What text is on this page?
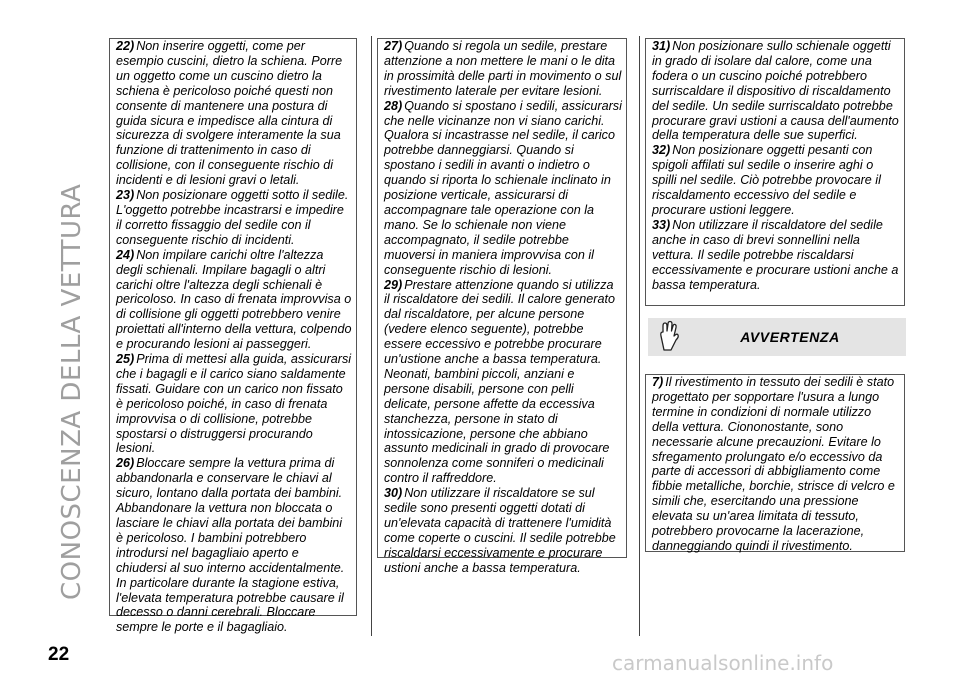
CONOSCENZA DELLA VETTURA

22) Non inserire oggetti, come per esempio cuscini, dietro la schiena. Porre un oggetto come un cuscino dietro la schiena è pericoloso poiché questi non consente di mantenere una postura di guida sicura e impedisce alla cintura di sicurezza di svolgere interamente la sua funzione di trattenimento in caso di collisione, con il conseguente rischio di incidenti e di lesioni gravi o letali.

23) Non posizionare oggetti sotto il sedile. L'oggetto potrebbe incastrarsi e impedire il corretto fissaggio del sedile con il conseguente rischio di incidenti.

24) Non impilare carichi oltre l'altezza degli schienali. Impilare bagagli o altri carichi oltre l'altezza degli schienali è pericoloso. In caso di frenata improvvisa o di collisione gli oggetti potrebbero venire proiettati all'interno della vettura, colpendo e procurando lesioni ai passeggeri.

25) Prima di mettesi alla guida, assicurarsi che i bagagli e il carico siano saldamente fissati. Guidare con un carico non fissato è pericoloso poiché, in caso di frenata improvvisa o di collisione, potrebbe spostarsi o distruggersi procurando lesioni.

26) Bloccare sempre la vettura prima di abbandonarla e conservare le chiavi al sicuro, lontano dalla portata dei bambini. Abbandonare la vettura non bloccata o lasciare le chiavi alla portata dei bambini è pericoloso. I bambini potrebbero introdursi nel bagagliaio aperto e chiudersi al suo interno accidentalmente. In particolare durante la stagione estiva, l'elevata temperatura potrebbe causare il decesso o danni cerebrali. Bloccare sempre le porte e il bagagliaio.

27) Quando si regola un sedile, prestare attenzione a non mettere le mani o le dita in prossimità delle parti in movimento o sul rivestimento laterale per evitare lesioni.

28) Quando si spostano i sedili, assicurarsi che nelle vicinanze non vi siano carichi. Qualora si incastrasse nel sedile, il carico potrebbe danneggiarsi. Quando si spostano i sedili in avanti o indietro o quando si riporta lo schienale inclinato in posizione verticale, assicurarsi di accompagnare tale operazione con la mano. Se lo schienale non viene accompagnato, il sedile potrebbe muoversi in maniera improvvisa con il conseguente rischio di lesioni.

29) Prestare attenzione quando si utilizza il riscaldatore dei sedili. Il calore generato dal riscaldatore, per alcune persone (vedere elenco seguente), potrebbe essere eccessivo e potrebbe procurare un'ustione anche a bassa temperatura. Neonati, bambini piccoli, anziani e persone disabili, persone con pelli delicate, persone affette da eccessiva stanchezza, persone in stato di intossicazione, persone che abbiano assunto medicinali in grado di provocare sonnolenza come sonniferi o medicinali contro il raffreddore.

30) Non utilizzare il riscaldatore se sul sedile sono presenti oggetti dotati di un'elevata capacità di trattenere l'umidità come coperte o cuscini. Il sedile potrebbe riscaldarsi eccessivamente e procurare ustioni anche a bassa temperatura.

31) Non posizionare sullo schienale oggetti in grado di isolare dal calore, come una fodera o un cuscino poiché potrebbero surriscaldare il dispositivo di riscaldamento del sedile. Un sedile surriscaldato potrebbe procurare gravi ustioni a causa dell'aumento della temperatura delle sue superfici.

32) Non posizionare oggetti pesanti con spigoli affilati sul sedile o inserire aghi o spilli nel sedile. Ciò potrebbe provocare il riscaldamento eccessivo del sedile e procurare ustioni leggere.

33) Non utilizzare il riscaldatore del sedile anche in caso di brevi sonnellini nella vettura. Il sedile potrebbe riscaldarsi eccessivamente e procurare ustioni anche a bassa temperatura.

AVVERTENZA

7) Il rivestimento in tessuto dei sedili è stato progettato per sopportare l'usura a lungo termine in condizioni di normale utilizzo della vettura. Ciononostante, sono necessarie alcune precauzioni. Evitare lo sfregamento prolungato e/o eccessivo da parte di accessori di abbigliamento come fibbie metalliche, borchie, strisce di velcro e simili che, esercitando una pressione elevata su un'area limitata di tessuto, potrebbero provocarne la lacerazione, danneggiando quindi il rivestimento.

22	carmanualsonline.info
